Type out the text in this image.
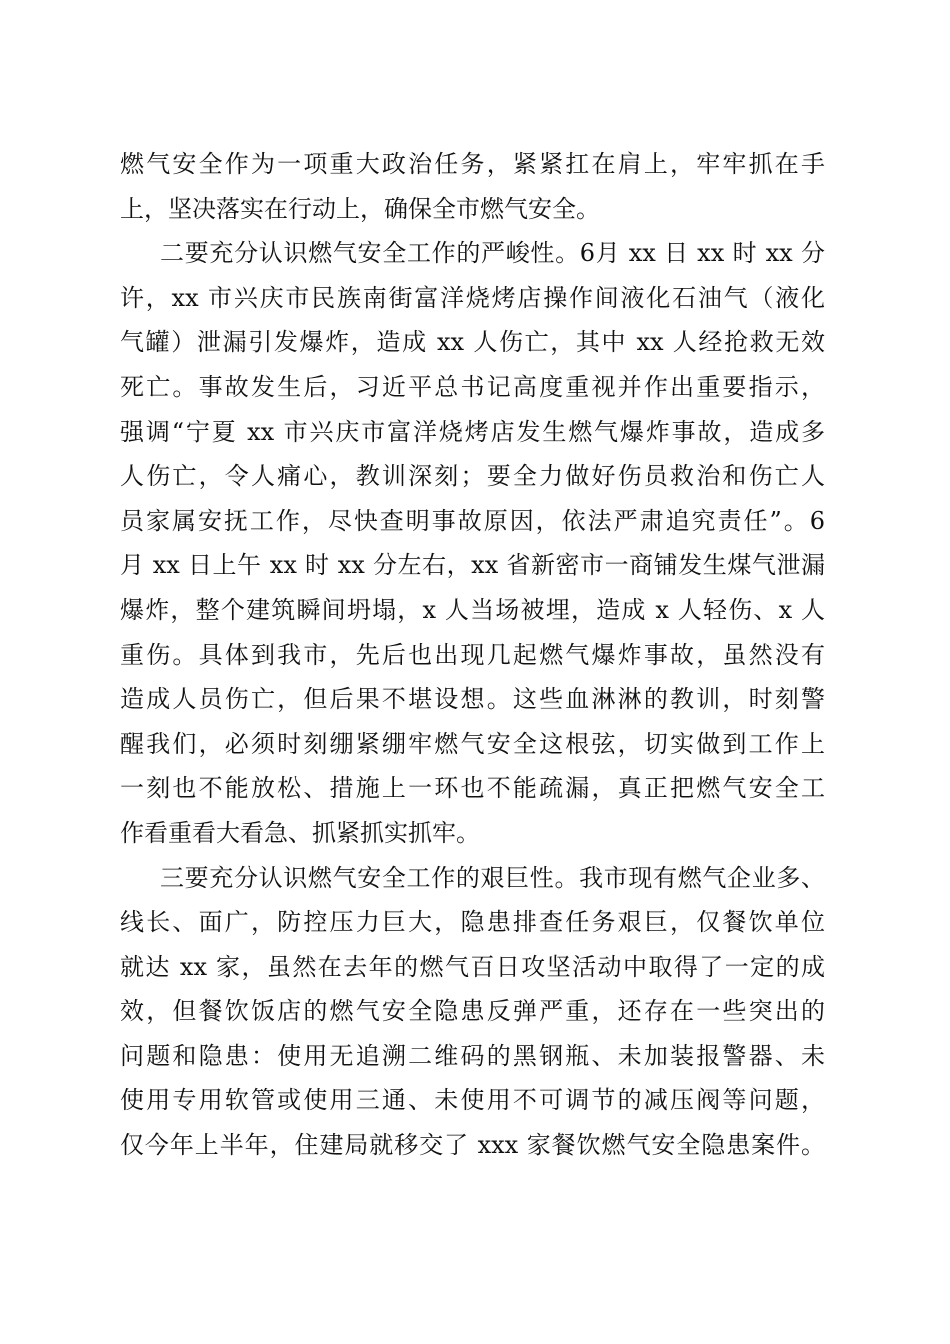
燃气安全作为一项重大政治任务，紧紧扛在肩上，牢牢抓在手
上，坚决落实在行动上，确保全市燃气安全。
二要充分认识燃气安全工作的严峻性。6月 xx 日 xx 时 xx 分
许，xx 市兴庆市民族南街富洋烧烤店操作间液化石油气（液化
气罐）泄漏引发爆炸，造成 xx 人伤亡，其中 xx 人经抢救无效
死亡。事故发生后，习近平总书记高度重视并作出重要指示，
强调“宁夏 xx 市兴庆市富洋烧烤店发生燃气爆炸事故，造成多
人伤亡，令人痛心，教训深刻；要全力做好伤员救治和伤亡人
员家属安抚工作，尽快查明事故原因，依法严肃追究责任”。6
月 xx 日上午 xx 时 xx 分左右，xx 省新密市一商铺发生煤气泄漏
爆炸，整个建筑瞬间坍塌，x 人当场被埋，造成 x 人轻伤、x 人
重伤。具体到我市，先后也出现几起燃气爆炸事故，虽然没有
造成人员伤亡，但后果不堪设想。这些血淋淋的教训，时刻警
醒我们，必须时刻绷紧绷牢燃气安全这根弦，切实做到工作上
一刻也不能放松、措施上一环也不能疏漏，真正把燃气安全工
作看重看大看急、抓紧抓实抓牢。
三要充分认识燃气安全工作的艰巨性。我市现有燃气企业多、
线长、面广，防控压力巨大，隐患排查任务艰巨，仅餐饮单位
就达 xx 家，虽然在去年的燃气百日攻坚活动中取得了一定的成
效，但餐饮饭店的燃气安全隐患反弹严重，还存在一些突出的
问题和隐患：使用无追溯二维码的黑钢瓶、未加装报警器、未
使用专用软管或使用三通、未使用不可调节的减压阀等问题，
仅今年上半年，住建局就移交了 xxx 家餐饮燃气安全隐患案件。
